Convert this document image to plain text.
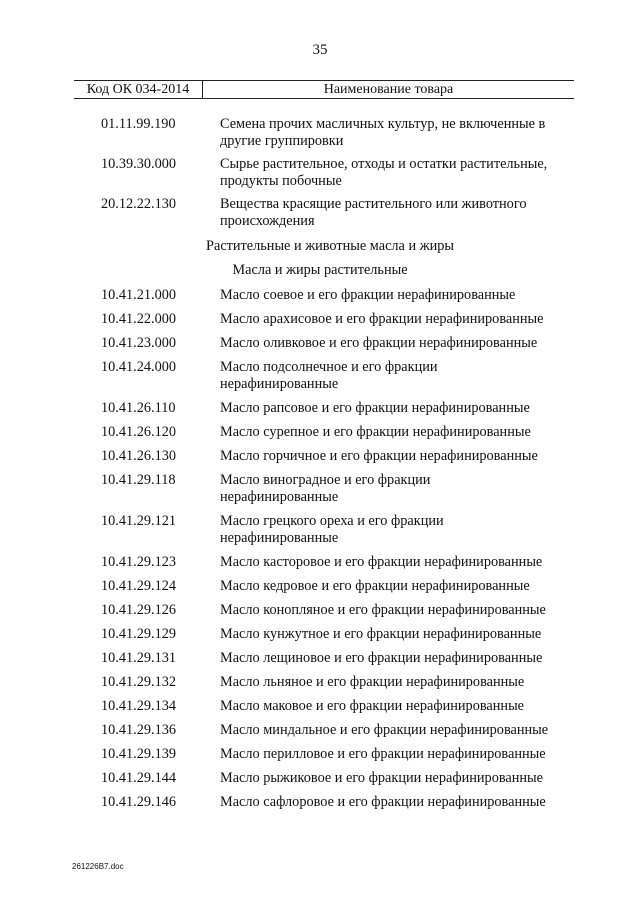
35
Код ОК 034-2014	Наименование товара
01.11.99.190	Семена прочих масличных культур, не включенные в другие группировки
10.39.30.000	Сырье растительное, отходы и остатки растительные, продукты побочные
20.12.22.130	Вещества красящие растительного или животного происхождения
Растительные и животные масла и жиры
Масла и жиры растительные
10.41.21.000	Масло соевое и его фракции нерафинированные
10.41.22.000	Масло арахисовое и его фракции нерафинированные
10.41.23.000	Масло оливковое и его фракции нерафинированные
10.41.24.000	Масло подсолнечное и его фракции нерафинированные
10.41.26.110	Масло рапсовое и его фракции нерафинированные
10.41.26.120	Масло сурепное и его фракции нерафинированные
10.41.26.130	Масло горчичное и его фракции нерафинированные
10.41.29.118	Масло виноградное и его фракции нерафинированные
10.41.29.121	Масло грецкого ореха и его фракции нерафинированные
10.41.29.123	Масло касторовое и его фракции нерафинированные
10.41.29.124	Масло кедровое и его фракции нерафинированные
10.41.29.126	Масло конопляное и его фракции нерафинированные
10.41.29.129	Масло кунжутное и его фракции нерафинированные
10.41.29.131	Масло лещиновое и его фракции нерафинированные
10.41.29.132	Масло льняное и его фракции нерафинированные
10.41.29.134	Масло маковое и его фракции нерафинированные
10.41.29.136	Масло миндальное и его фракции нерафинированные
10.41.29.139	Масло перилловое и его фракции нерафинированные
10.41.29.144	Масло рыжиковое и его фракции нерафинированные
10.41.29.146	Масло сафлоровое и его фракции нерафинированные
261226B7.doc
